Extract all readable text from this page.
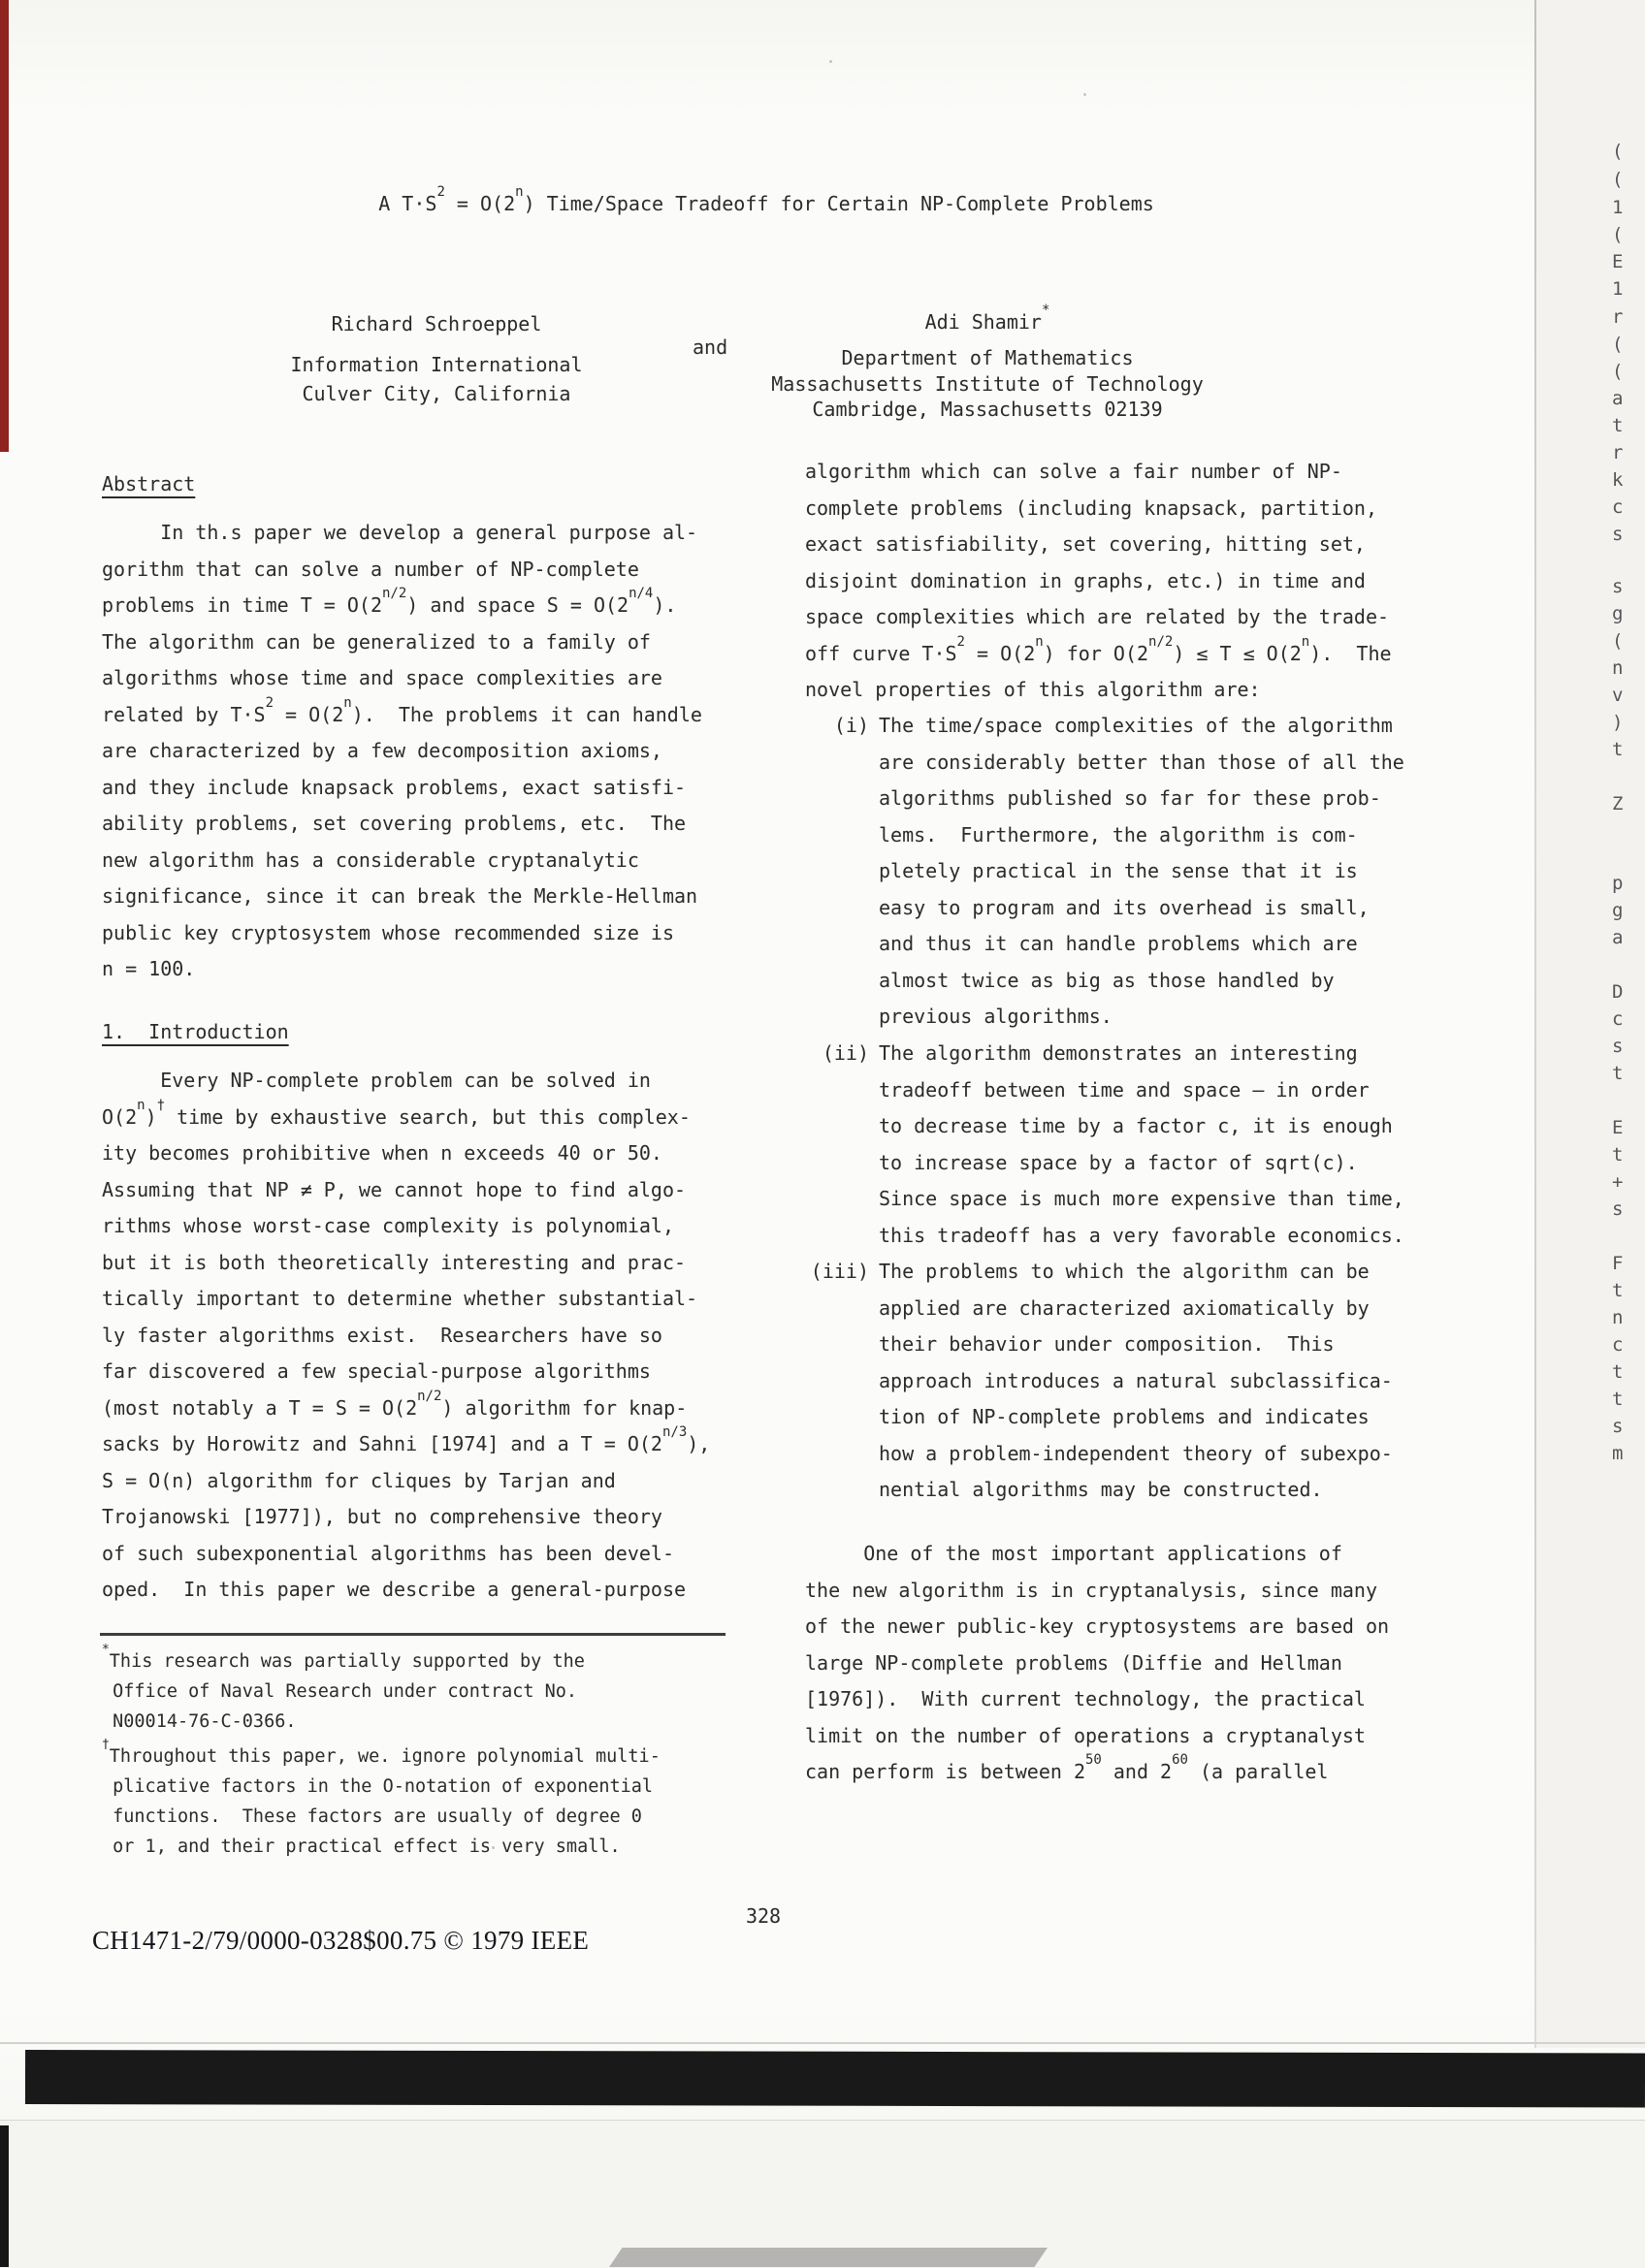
A $T\cdot S^2 = O(2^n)$ Time/Space Tradeoff for Certain NP-Complete Problems
Richard Schroeppel
Information International
Culver City, California
and
Adi Shamir*
Department of Mathematics
Massachusetts Institute of Technology
Cambridge, Massachusetts 02139
Abstract
In th.s paper we develop a general purpose al-
gorithm that can solve a number of NP-complete
problems in time $T = O(2^{n/2})$ and space $S = O(2^{n/4})$.
The algorithm can be generalized to a family of
algorithms whose time and space complexities are
related by $T\cdot S^2 = O(2^n)$.  The problems it can handle
are characterized by a few decomposition axioms,
and they include knapsack problems, exact satisfi-
ability problems, set covering problems, etc.  The
new algorithm has a considerable cryptanalytic
significance, since it can break the Merkle-Hellman
public key cryptosystem whose recommended size is
n = 100.
1.  Introduction
Every NP-complete problem can be solved in
O(2$^n$)† time by exhaustive search, but this complex-
ity becomes prohibitive when n exceeds 40 or 50.
Assuming that NP ≠ P, we cannot hope to find algo-
rithms whose worst-case complexity is polynomial,
but it is both theoretically interesting and prac-
tically important to determine whether substantial-
ly faster algorithms exist.  Researchers have so
far discovered a few special-purpose algorithms
(most notably a $T = S = O(2^{n/2})$ algorithm for knap-
sacks by Horowitz and Sahni [1974] and a $T = O(2^{n/3})$,
S = O(n) algorithm for cliques by Tarjan and
Trojanowski [1977]), but no comprehensive theory
of such subexponential algorithms has been devel-
oped.  In this paper we describe a general-purpose
*This research was partially supported by the
Office of Naval Research under contract No.
N00014-76-C-0366.
†Throughout this paper, we. ignore polynomial multi-
plicative factors in the O-notation of exponential
functions.  These factors are usually of degree 0
or 1, and their practical effect is very small.
algorithm which can solve a fair number of NP-
complete problems (including knapsack, partition,
exact satisfiability, set covering, hitting set,
disjoint domination in graphs, etc.) in time and
space complexities which are related by the trade-
off curve $T\cdot S^2 = O(2^n)$ for $O(2^{n/2}) \le T \le O(2^n)$.  The
novel properties of this algorithm are:
(i) The time/space complexities of the algorithm
are considerably better than those of all the
algorithms published so far for these prob-
lems.  Furthermore, the algorithm is com-
pletely practical in the sense that it is
easy to program and its overhead is small,
and thus it can handle problems which are
almost twice as big as those handled by
previous algorithms.
(ii) The algorithm demonstrates an interesting
tradeoff between time and space — in order
to decrease time by a factor c, it is enough
to increase space by a factor of sqrt(c).
Since space is much more expensive than time,
this tradeoff has a very favorable economics.
(iii) The problems to which the algorithm can be
applied are characterized axiomatically by
their behavior under composition.  This
approach introduces a natural subclassifica-
tion of NP-complete problems and indicates
how a problem-independent theory of subexpo-
nential algorithms may be constructed.
One of the most important applications of
the new algorithm is in cryptanalysis, since many
of the newer public-key cryptosystems are based on
large NP-complete problems (Diffie and Hellman
[1976]).  With current technology, the practical
limit on the number of operations a cryptanalyst
can perform is between $2^{50}$ and $2^{60}$ (a parallel
328
CH1471-2/79/0000-0328$00.75 © 1979 IEEE
(
(
1
(
E
1
r
(
(
a
t
r
k
c
s
s
g
(
n
v
)
t
Z
p
g
a
D
c
s
t
E
t
+
s
F
t
n
c
t
t
s
m
